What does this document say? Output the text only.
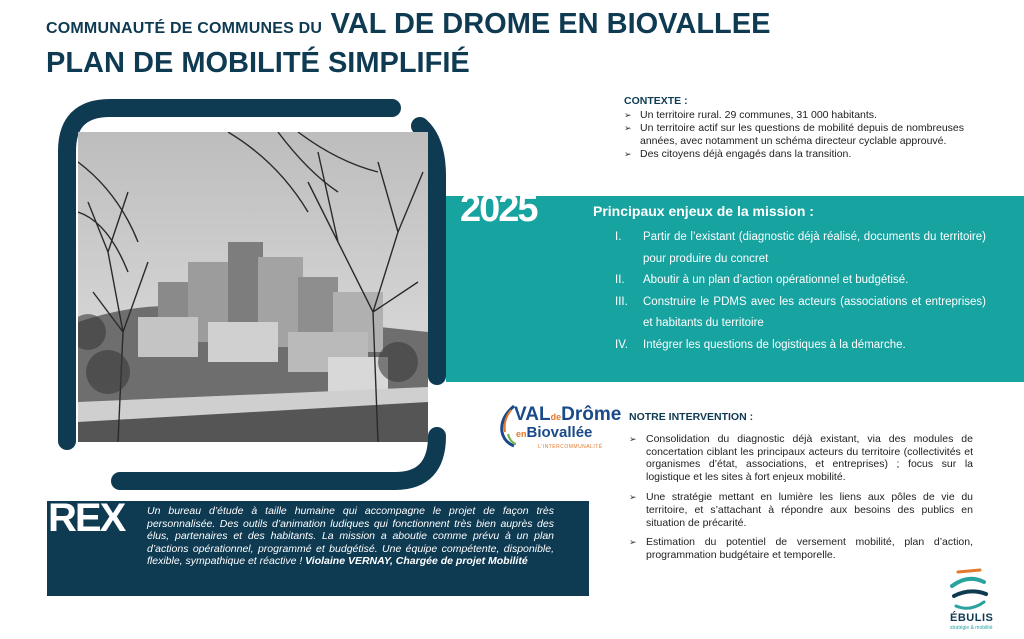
COMMUNAUTÉ DE COMMUNES DU VAL DE DROME EN BIOVALLEE
PLAN DE MOBILITÉ SIMPLIFIÉ
CONTEXTE :
➢ Un territoire rural. 29 communes, 31 000 habitants.
➢ Un territoire actif sur les questions de mobilité depuis de nombreuses années, avec notamment un schéma directeur cyclable approuvé.
➢ Des citoyens déjà engagés dans la transition.
2025	Principaux enjeux de la mission :
I. Partir de l’existant (diagnostic déjà réalisé, documents du territoire) pour produire du concret
II. Aboutir à un plan d’action opérationnel et budgétisé.
III. Construire le PDMS avec les acteurs (associations et entreprises) et habitants du territoire
IV. Intégrer les questions de logistiques à la démarche.
VALdeDrôme
enBiovallée
L'INTERCOMMUNALITÉ
NOTRE INTERVENTION :
➢ Consolidation du diagnostic déjà existant, via des modules de concertation ciblant les principaux acteurs du territoire (collectivités et organismes d’état, associations, et entreprises) ; focus sur la logistique et les sites à fort enjeux mobilité.
➢ Une stratégie mettant en lumière les liens aux pôles de vie du territoire, et s’attachant à répondre aux besoins des publics en situation de précarité.
➢ Estimation du potentiel de versement mobilité, plan d’action, programmation budgétaire et temporelle.
REX Un bureau d’étude à taille humaine qui accompagne le projet de façon très personnalisée. Des outils d’animation ludiques qui fonctionnent très bien auprès des élus, partenaires et des habitants. La mission a aboutie comme prévu à un plan d’actions opérationnel, programmé et budgétisé. Une équipe compétente, disponible, flexible, sympathique et réactive ! Violaine VERNAY, Chargée de projet Mobilité
ÉBULIS
stratégie & mobilité
